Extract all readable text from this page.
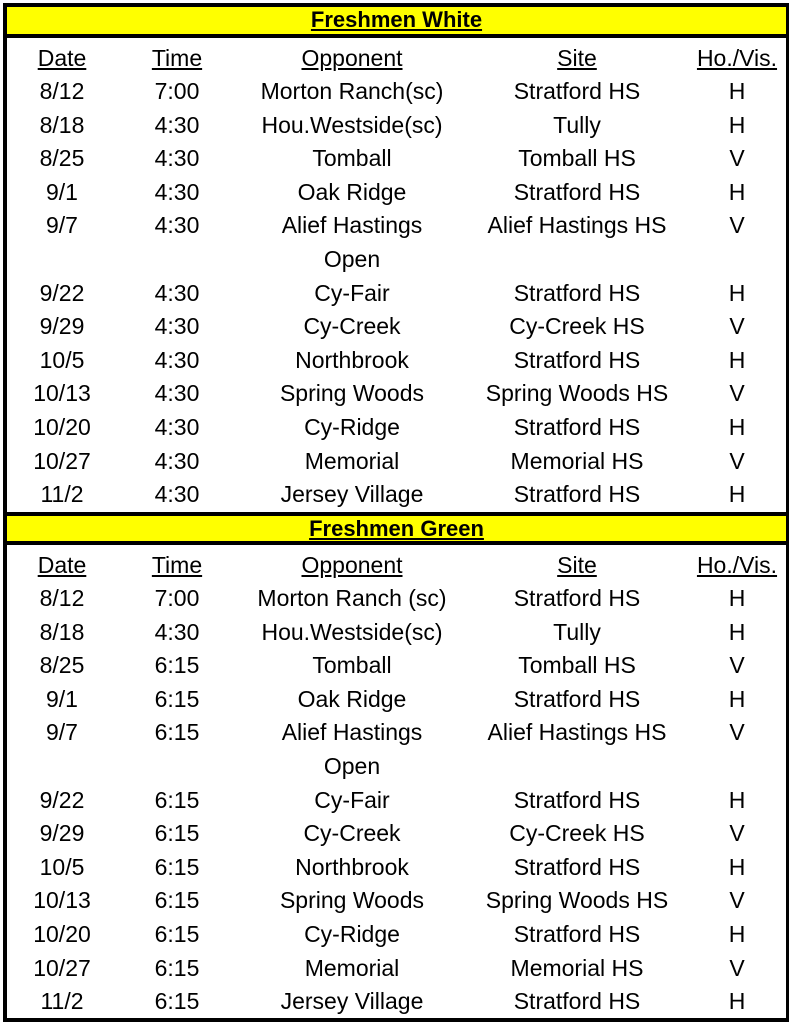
Freshmen White
Date	Time	Opponent	Site	Ho./Vis.
8/12	7:00	Morton Ranch(sc)	Stratford HS	H
8/18	4:30	Hou.Westside(sc)	Tully	H
8/25	4:30	Tomball	Tomball HS	V
9/1	4:30	Oak Ridge	Stratford HS	H
9/7	4:30	Alief Hastings	Alief Hastings HS	V
Open
9/22	4:30	Cy-Fair	Stratford HS	H
9/29	4:30	Cy-Creek	Cy-Creek HS	V
10/5	4:30	Northbrook	Stratford HS	H
10/13	4:30	Spring Woods	Spring Woods HS	V
10/20	4:30	Cy-Ridge	Stratford HS	H
10/27	4:30	Memorial	Memorial HS	V
11/2	4:30	Jersey Village	Stratford HS	H
Freshmen Green
Date	Time	Opponent	Site	Ho./Vis.
8/12	7:00	Morton Ranch (sc)	Stratford HS	H
8/18	4:30	Hou.Westside(sc)	Tully	H
8/25	6:15	Tomball	Tomball HS	V
9/1	6:15	Oak Ridge	Stratford HS	H
9/7	6:15	Alief Hastings	Alief Hastings HS	V
Open
9/22	6:15	Cy-Fair	Stratford HS	H
9/29	6:15	Cy-Creek	Cy-Creek HS	V
10/5	6:15	Northbrook	Stratford HS	H
10/13	6:15	Spring Woods	Spring Woods HS	V
10/20	6:15	Cy-Ridge	Stratford HS	H
10/27	6:15	Memorial	Memorial HS	V
11/2	6:15	Jersey Village	Stratford HS	H
